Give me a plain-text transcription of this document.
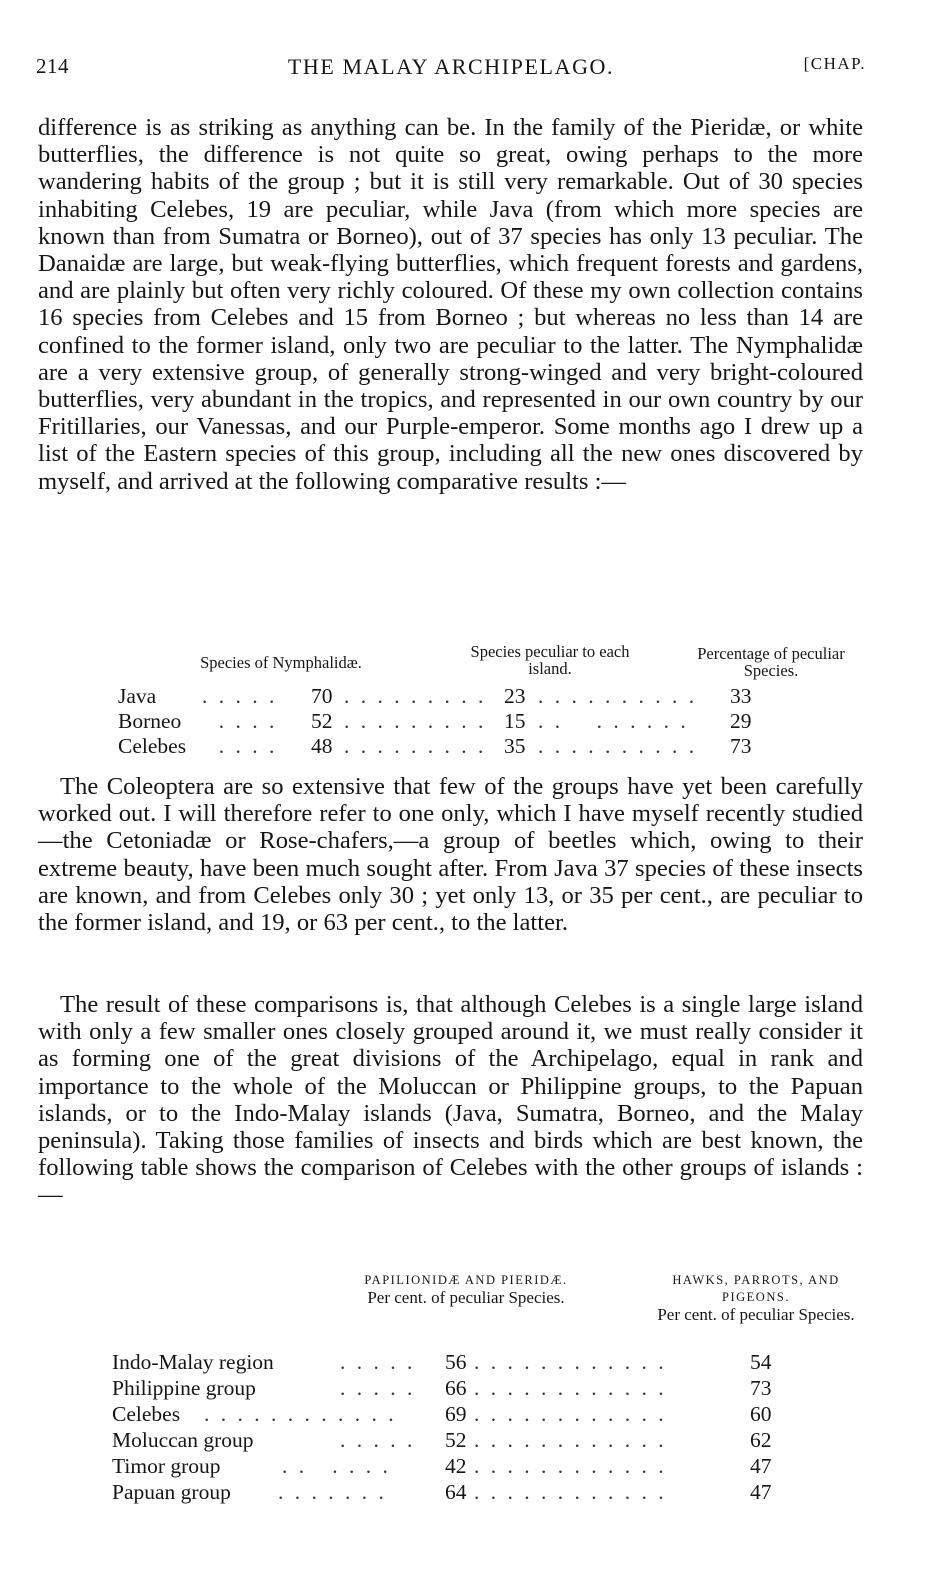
214	THE MALAY ARCHIPELAGO.	[CHAP.

difference is as striking as anything can be. In the family of the Pieridæ, or white butterflies, the difference is not quite so great, owing perhaps to the more wandering habits of the group ; but it is still very remarkable. Out of 30 species inhabiting Celebes, 19 are peculiar, while Java (from which more species are known than from Sumatra or Borneo), out of 37 species has only 13 peculiar. The Danaidæ are large, but weak-flying butterflies, which frequent forests and gardens, and are plainly but often very richly coloured. Of these my own collection contains 16 species from Celebes and 15 from Borneo ; but whereas no less than 14 are confined to the former island, only two are peculiar to the latter. The Nymphalidæ are a very extensive group, of generally strong-winged and very bright-coloured butterflies, very abundant in the tropics, and represented in our own country by our Fritillaries, our Vanessas, and our Purple-emperor. Some months ago I drew up a list of the Eastern species of this group, including all the new ones discovered by myself, and arrived at the following comparative results :—

Species of Nymphalidæ.
Species peculiar to each island.
Percentage of peculiar Species.
Java . . . . . 70 . . . . . . . . . 23 . . . . . . . . . . 33
Borneo . . . . 52 . . . . . . . . . 15 . .    . . . . . . 29
Celebes . . . . 48 . . . . . . . . . 35 . . . . . . . . . . 73

The Coleoptera are so extensive that few of the groups have yet been carefully worked out. I will therefore refer to one only, which I have myself recently studied—the Cetoniadæ or Rose-chafers,—a group of beetles which, owing to their extreme beauty, have been much sought after. From Java 37 species of these insects are known, and from Celebes only 30 ; yet only 13, or 35 per cent., are peculiar to the former island, and 19, or 63 per cent., to the latter.

The result of these comparisons is, that although Celebes is a single large island with only a few smaller ones closely grouped around it, we must really consider it as forming one of the great divisions of the Archipelago, equal in rank and importance to the whole of the Moluccan or Philippine groups, to the Papuan islands, or to the Indo-Malay islands (Java, Sumatra, Borneo, and the Malay peninsula). Taking those families of insects and birds which are best known, the following table shows the comparison of Celebes with the other groups of islands :—

PAPILIONIDÆ AND PIERIDÆ.
Per cent. of peculiar Species.
HAWKS, PARROTS, AND PIGEONS.
Per cent. of peculiar Species.
Indo-Malay region	. . . . . 56 . . . . . . . . . . . .	54
Philippine group	. . . . . 66 . . . . . . . . . . . .	73
Celebes . . . . . . . . . . . . 69 . . . . . . . . . . . .	60
Moluccan group	. . . . . 52 . . . . . . . . . . . .	62
Timor group	. .   . . . .	42 . . . . . . . . . . . .	47
Papuan group . . . . . . .	64 . . . . . . . . . . . .	47
